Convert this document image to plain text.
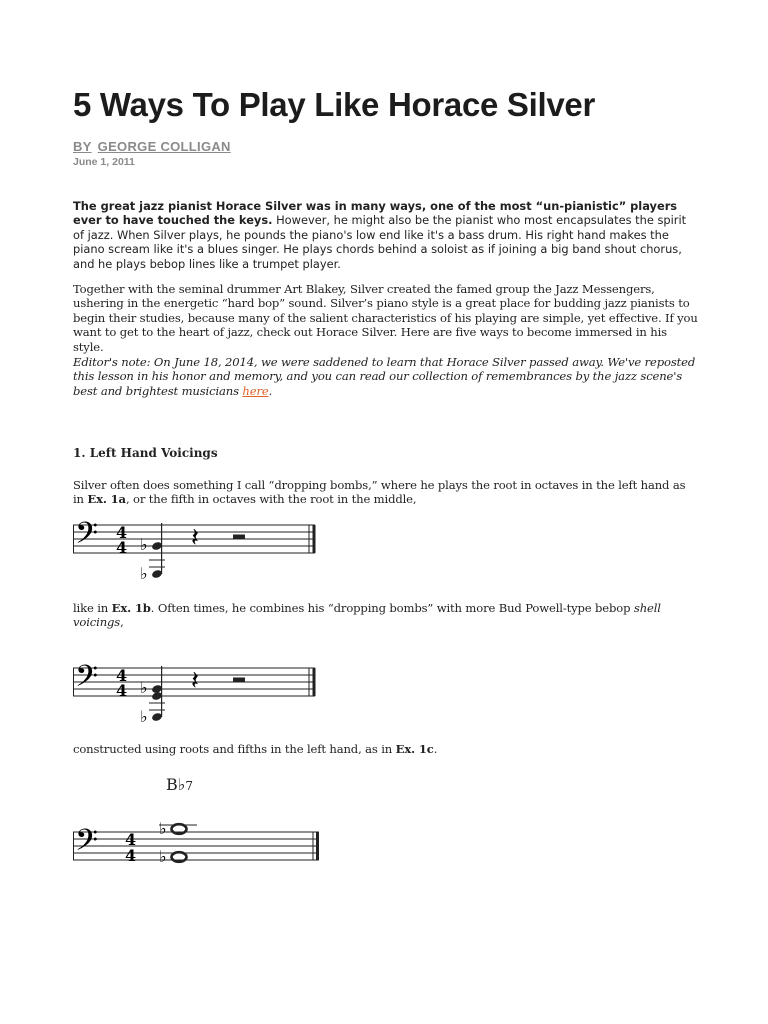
5 Ways To Play Like Horace Silver
BY GEORGE COLLIGAN
June 1, 2011
The great jazz pianist Horace Silver was in many ways, one of the most “un-pianistic” players ever to have touched the keys. However, he might also be the pianist who most encapsulates the spirit of jazz. When Silver plays, he pounds the piano's low end like it's a bass drum. His right hand makes the piano scream like it's a blues singer. He plays chords behind a soloist as if joining a big band shout chorus, and he plays bebop lines like a trumpet player.
Together with the seminal drummer Art Blakey, Silver created the famed group the Jazz Messengers, ushering in the energetic “hard bop” sound. Silver’s piano style is a great place for budding jazz pianists to begin their studies, because many of the salient characteristics of his playing are simple, yet effective. If you want to get to the heart of jazz, check out Horace Silver. Here are five ways to become immersed in his style.
Editor's note: On June 18, 2014, we were saddened to learn that Horace Silver passed away. We've reposted this lesson in his honor and memory, and you can read our collection of remembrances by the jazz scene's best and brightest musicians here.
1. Left Hand Voicings
Silver often does something I call “dropping bombs,” where he plays the root in octaves in the left hand as in Ex. 1a, or the fifth in octaves with the root in the middle,
𝄢 4
4 ♭
♭
𝄽
like in Ex. 1b. Often times, he combines his “dropping bombs” with more Bud Powell-type bebop shell voicings,
𝄢 4
4 ♭
♭
𝄽
constructed using roots and fifths in the left hand, as in Ex. 1c.
B♭7
𝄢 4
4
♭
♭
